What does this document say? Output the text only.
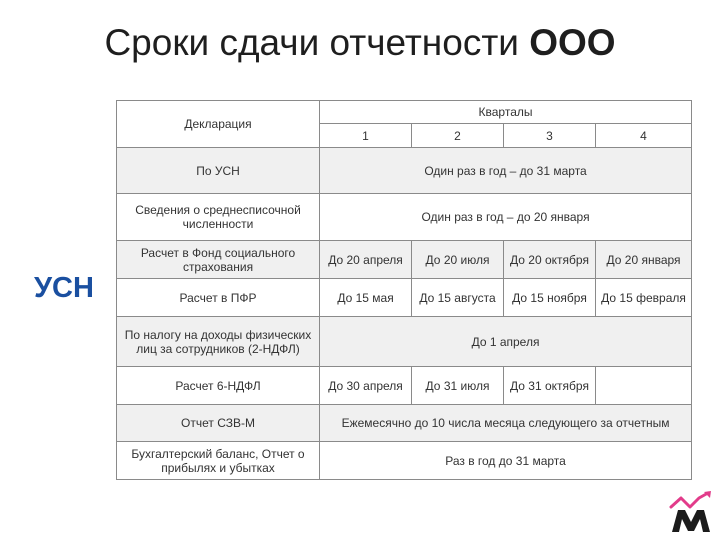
Сроки сдачи отчетности ООО
УСН
Декларация	Кварталы			
	1	2	3	4
По УСН	Один раз в год – до 31 марта			
Сведения о среднесписочной численности	Один раз в год – до 20 января			
Расчет в Фонд социального страхования	До 20 апреля	До 20 июля	До 20 октября	До 20 января
Расчет в ПФР	До 15 мая	До 15 августа	До 15 ноября	До 15 февраля
По налогу на доходы физических лиц за сотрудников (2-НДФЛ)	До 1 апреля			
Расчет 6-НДФЛ	До 30 апреля	До 31 июля	До 31 октября	
Отчет СЗВ-М	Ежемесячно до 10 числа месяца следующего за отчетным			
Бухгалтерский баланс, Отчет о прибылях и убытках	Раз в год до 31 марта			
